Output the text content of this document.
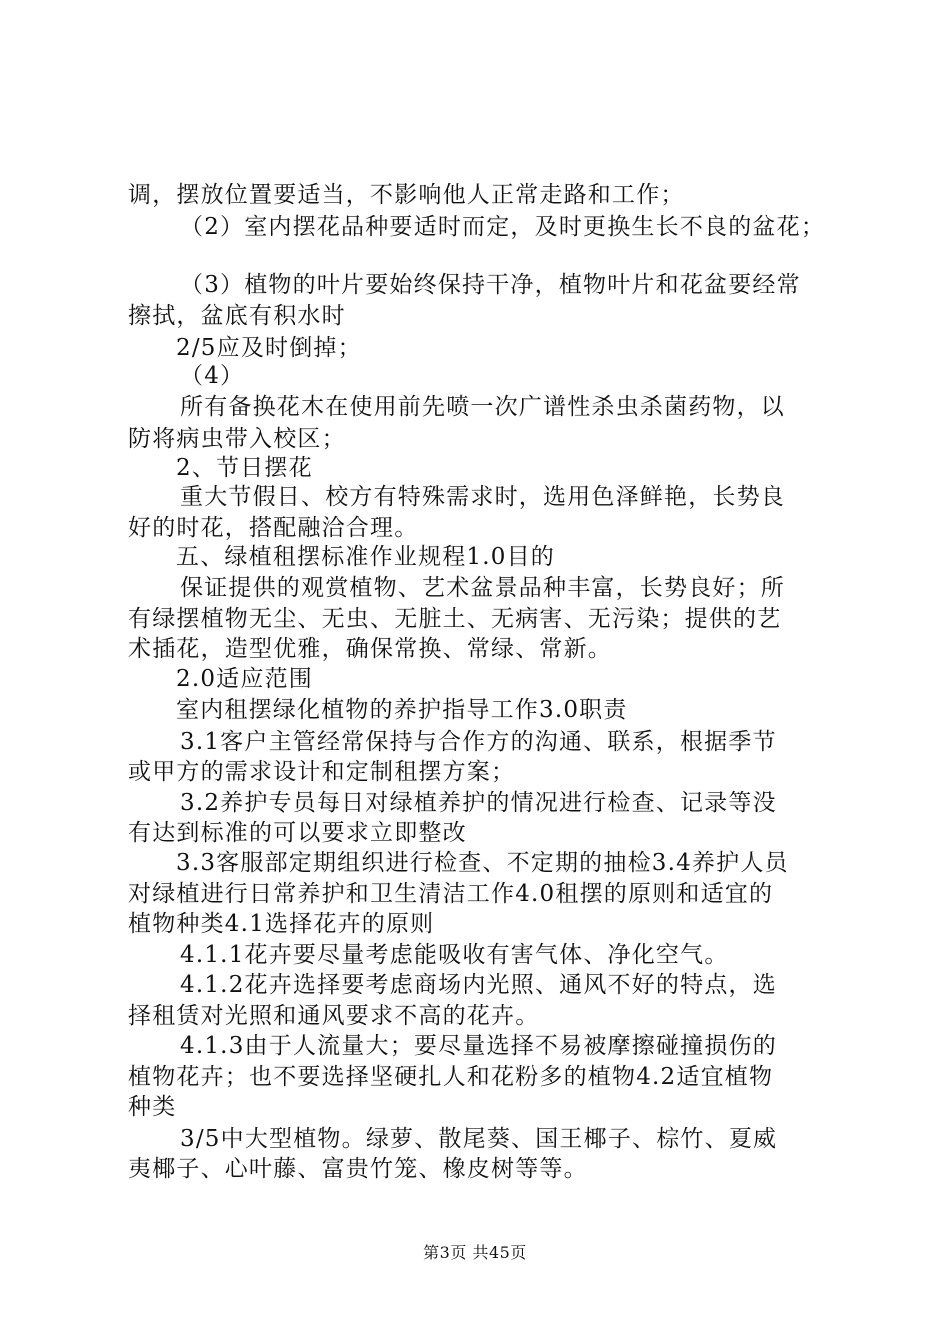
调，摆放位置要适当，不影响他人正常走路和工作；
（2）室内摆花品种要适时而定，及时更换生长不良的盆花；
（3）植物的叶片要始终保持干净，植物叶片和花盆要经常
擦拭，盆底有积水时
2/5应及时倒掉；
（4）
所有备换花木在使用前先喷一次广谱性杀虫杀菌药物，以
防将病虫带入校区；
2、节日摆花
重大节假日、校方有特殊需求时，选用色泽鲜艳，长势良
好的时花，搭配融洽合理。
五、绿植租摆标准作业规程1.0目的
保证提供的观赏植物、艺术盆景品种丰富，长势良好；所
有绿摆植物无尘、无虫、无脏土、无病害、无污染；提供的艺
术插花，造型优雅，确保常换、常绿、常新。
2.0适应范围
室内租摆绿化植物的养护指导工作3.0职责
3.1客户主管经常保持与合作方的沟通、联系，根据季节
或甲方的需求设计和定制租摆方案；
3.2养护专员每日对绿植养护的情况进行检查、记录等没
有达到标准的可以要求立即整改
3.3客服部定期组织进行检查、不定期的抽检3.4养护人员
对绿植进行日常养护和卫生清洁工作4.0租摆的原则和适宜的
植物种类4.1选择花卉的原则
4.1.1花卉要尽量考虑能吸收有害气体、净化空气。
4.1.2花卉选择要考虑商场内光照、通风不好的特点，选
择租赁对光照和通风要求不高的花卉。
4.1.3由于人流量大；要尽量选择不易被摩擦碰撞损伤的
植物花卉；也不要选择坚硬扎人和花粉多的植物4.2适宜植物
种类
3/5中大型植物。绿萝、散尾葵、国王椰子、棕竹、夏威
夷椰子、心叶藤、富贵竹笼、橡皮树等等。
第3页 共45页
